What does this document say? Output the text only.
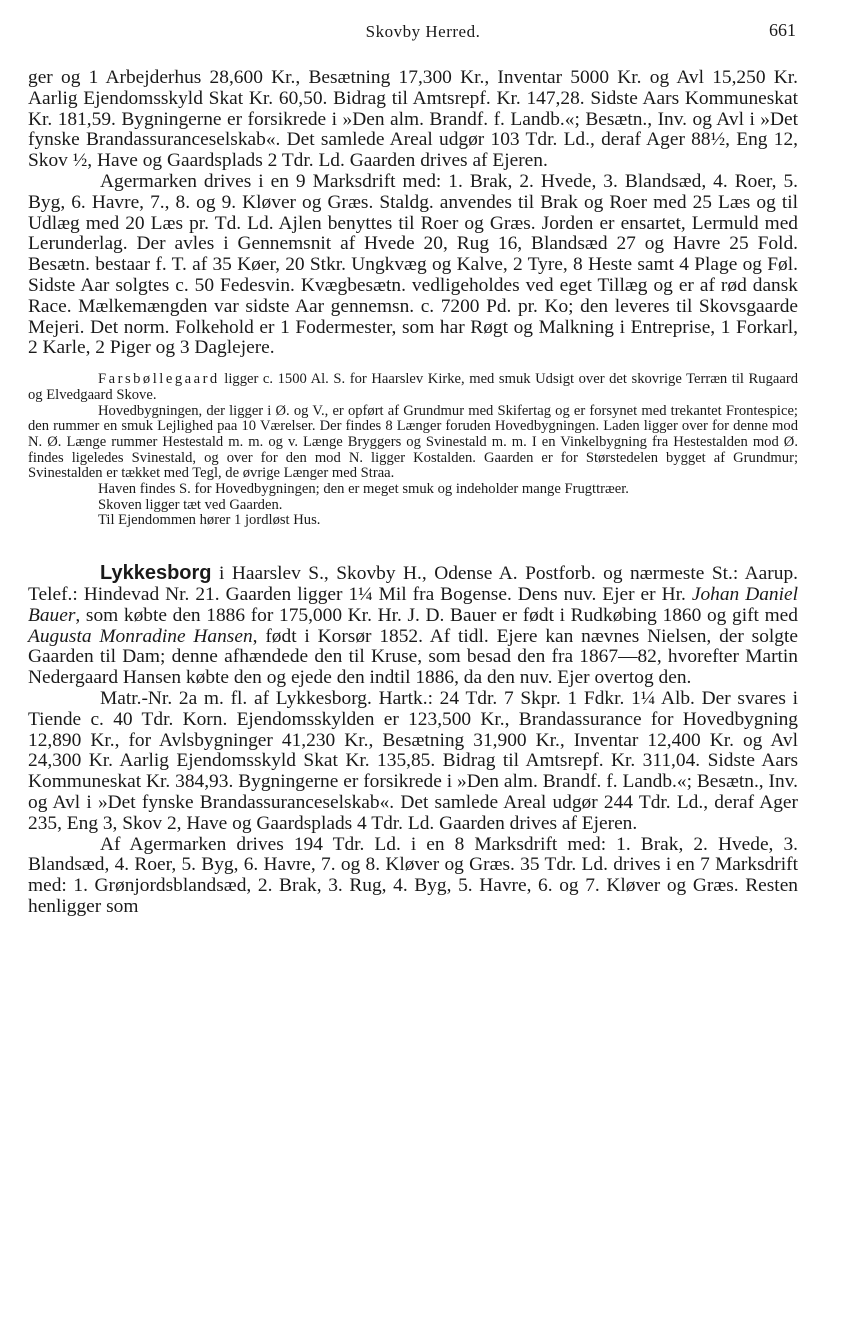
Skovby Herred.	661

ger og 1 Arbejderhus 28,600 Kr., Besætning 17,300 Kr., Inventar 5000 Kr. og Avl 15,250 Kr. Aarlig Ejendomsskyld Skat Kr. 60,50. Bidrag til Amtsrepf. Kr. 147,28. Sidste Aars Kommuneskat Kr. 181,59. Bygningerne er forsikrede i »Den alm. Brandf. f. Landb.«; Besætn., Inv. og Avl i »Det fynske Brandassuranceselskab«. Det samlede Areal udgør 103 Tdr. Ld., deraf Ager 88½, Eng 12, Skov ½, Have og Gaardsplads 2 Tdr. Ld. Gaarden drives af Ejeren.

Agermarken drives i en 9 Marksdrift med: 1. Brak, 2. Hvede, 3. Blandsæd, 4. Roer, 5. Byg, 6. Havre, 7., 8. og 9. Kløver og Græs. Staldg. anvendes til Brak og Roer med 25 Læs og til Udlæg med 20 Læs pr. Td. Ld. Ajlen benyttes til Roer og Græs. Jorden er ensartet, Lermuld med Lerunderlag. Der avles i Gennemsnit af Hvede 20, Rug 16, Blandsæd 27 og Havre 25 Fold. Besætn. bestaar f. T. af 35 Køer, 20 Stkr. Ungkvæg og Kalve, 2 Tyre, 8 Heste samt 4 Plage og Føl. Sidste Aar solgtes c. 50 Fedesvin. Kvægbesætn. vedligeholdes ved eget Tillæg og er af rød dansk Race. Mælkemængden var sidste Aar gennemsn. c. 7200 Pd. pr. Ko; den leveres til Skovsgaarde Mejeri. Det norm. Folkehold er 1 Fodermester, som har Røgt og Malkning i Entreprise, 1 Forkarl, 2 Karle, 2 Piger og 3 Daglejere.

Farsbøllegaard ligger c. 1500 Al. S. for Haarslev Kirke, med smuk Udsigt over det skovrige Terræn til Rugaard og Elvedgaard Skove.

Hovedbygningen, der ligger i Ø. og V., er opført af Grundmur med Skifertag og er forsynet med trekantet Frontespice; den rummer en smuk Lejlighed paa 10 Værelser. Der findes 8 Længer foruden Hovedbygningen. Laden ligger over for denne mod N. Ø. Længe rummer Hestestald m. m. og v. Længe Bryggers og Svinestald m. m. I en Vinkelbygning fra Hestestalden mod Ø. findes ligeledes Svinestald, og over for den mod N. ligger Kostalden. Gaarden er for Størstedelen bygget af Grundmur; Svinestalden er tækket med Tegl, de øvrige Længer med Straa.

Haven findes S. for Hovedbygningen; den er meget smuk og indeholder mange Frugttræer.

Skoven ligger tæt ved Gaarden.

Til Ejendommen hører 1 jordløst Hus.

Lykkesborg i Haarslev S., Skovby H., Odense A. Postforb. og nærmeste St.: Aarup. Telef.: Hindevad Nr. 21. Gaarden ligger 1¼ Mil fra Bogense. Dens nuv. Ejer er Hr. Johan Daniel Bauer, som købte den 1886 for 175,000 Kr. Hr. J. D. Bauer er født i Rudkøbing 1860 og gift med Augusta Monradine Hansen, født i Korsør 1852. Af tidl. Ejere kan nævnes Nielsen, der solgte Gaarden til Dam; denne afhændede den til Kruse, som besad den fra 1867—82, hvorefter Martin Nedergaard Hansen købte den og ejede den indtil 1886, da den nuv. Ejer overtog den.

Matr.-Nr. 2a m. fl. af Lykkesborg. Hartk.: 24 Tdr. 7 Skpr. 1 Fdkr. 1¼ Alb. Der svares i Tiende c. 40 Tdr. Korn. Ejendomsskylden er 123,500 Kr., Brandassurance for Hovedbygning 12,890 Kr., for Avlsbygninger 41,230 Kr., Besætning 31,900 Kr., Inventar 12,400 Kr. og Avl 24,300 Kr. Aarlig Ejendomsskyld Skat Kr. 135,85. Bidrag til Amtsrepf. Kr. 311,04. Sidste Aars Kommuneskat Kr. 384,93. Bygningerne er forsikrede i »Den alm. Brandf. f. Landb.«; Besætn., Inv. og Avl i »Det fynske Brandassuranceselskab«. Det samlede Areal udgør 244 Tdr. Ld., deraf Ager 235, Eng 3, Skov 2, Have og Gaardsplads 4 Tdr. Ld. Gaarden drives af Ejeren.

Af Agermarken drives 194 Tdr. Ld. i en 8 Marksdrift med: 1. Brak, 2. Hvede, 3. Blandsæd, 4. Roer, 5. Byg, 6. Havre, 7. og 8. Kløver og Græs. 35 Tdr. Ld. drives i en 7 Marksdrift med: 1. Grønjordsblandsæd, 2. Brak, 3. Rug, 4. Byg, 5. Havre, 6. og 7. Kløver og Græs. Resten henligger som
